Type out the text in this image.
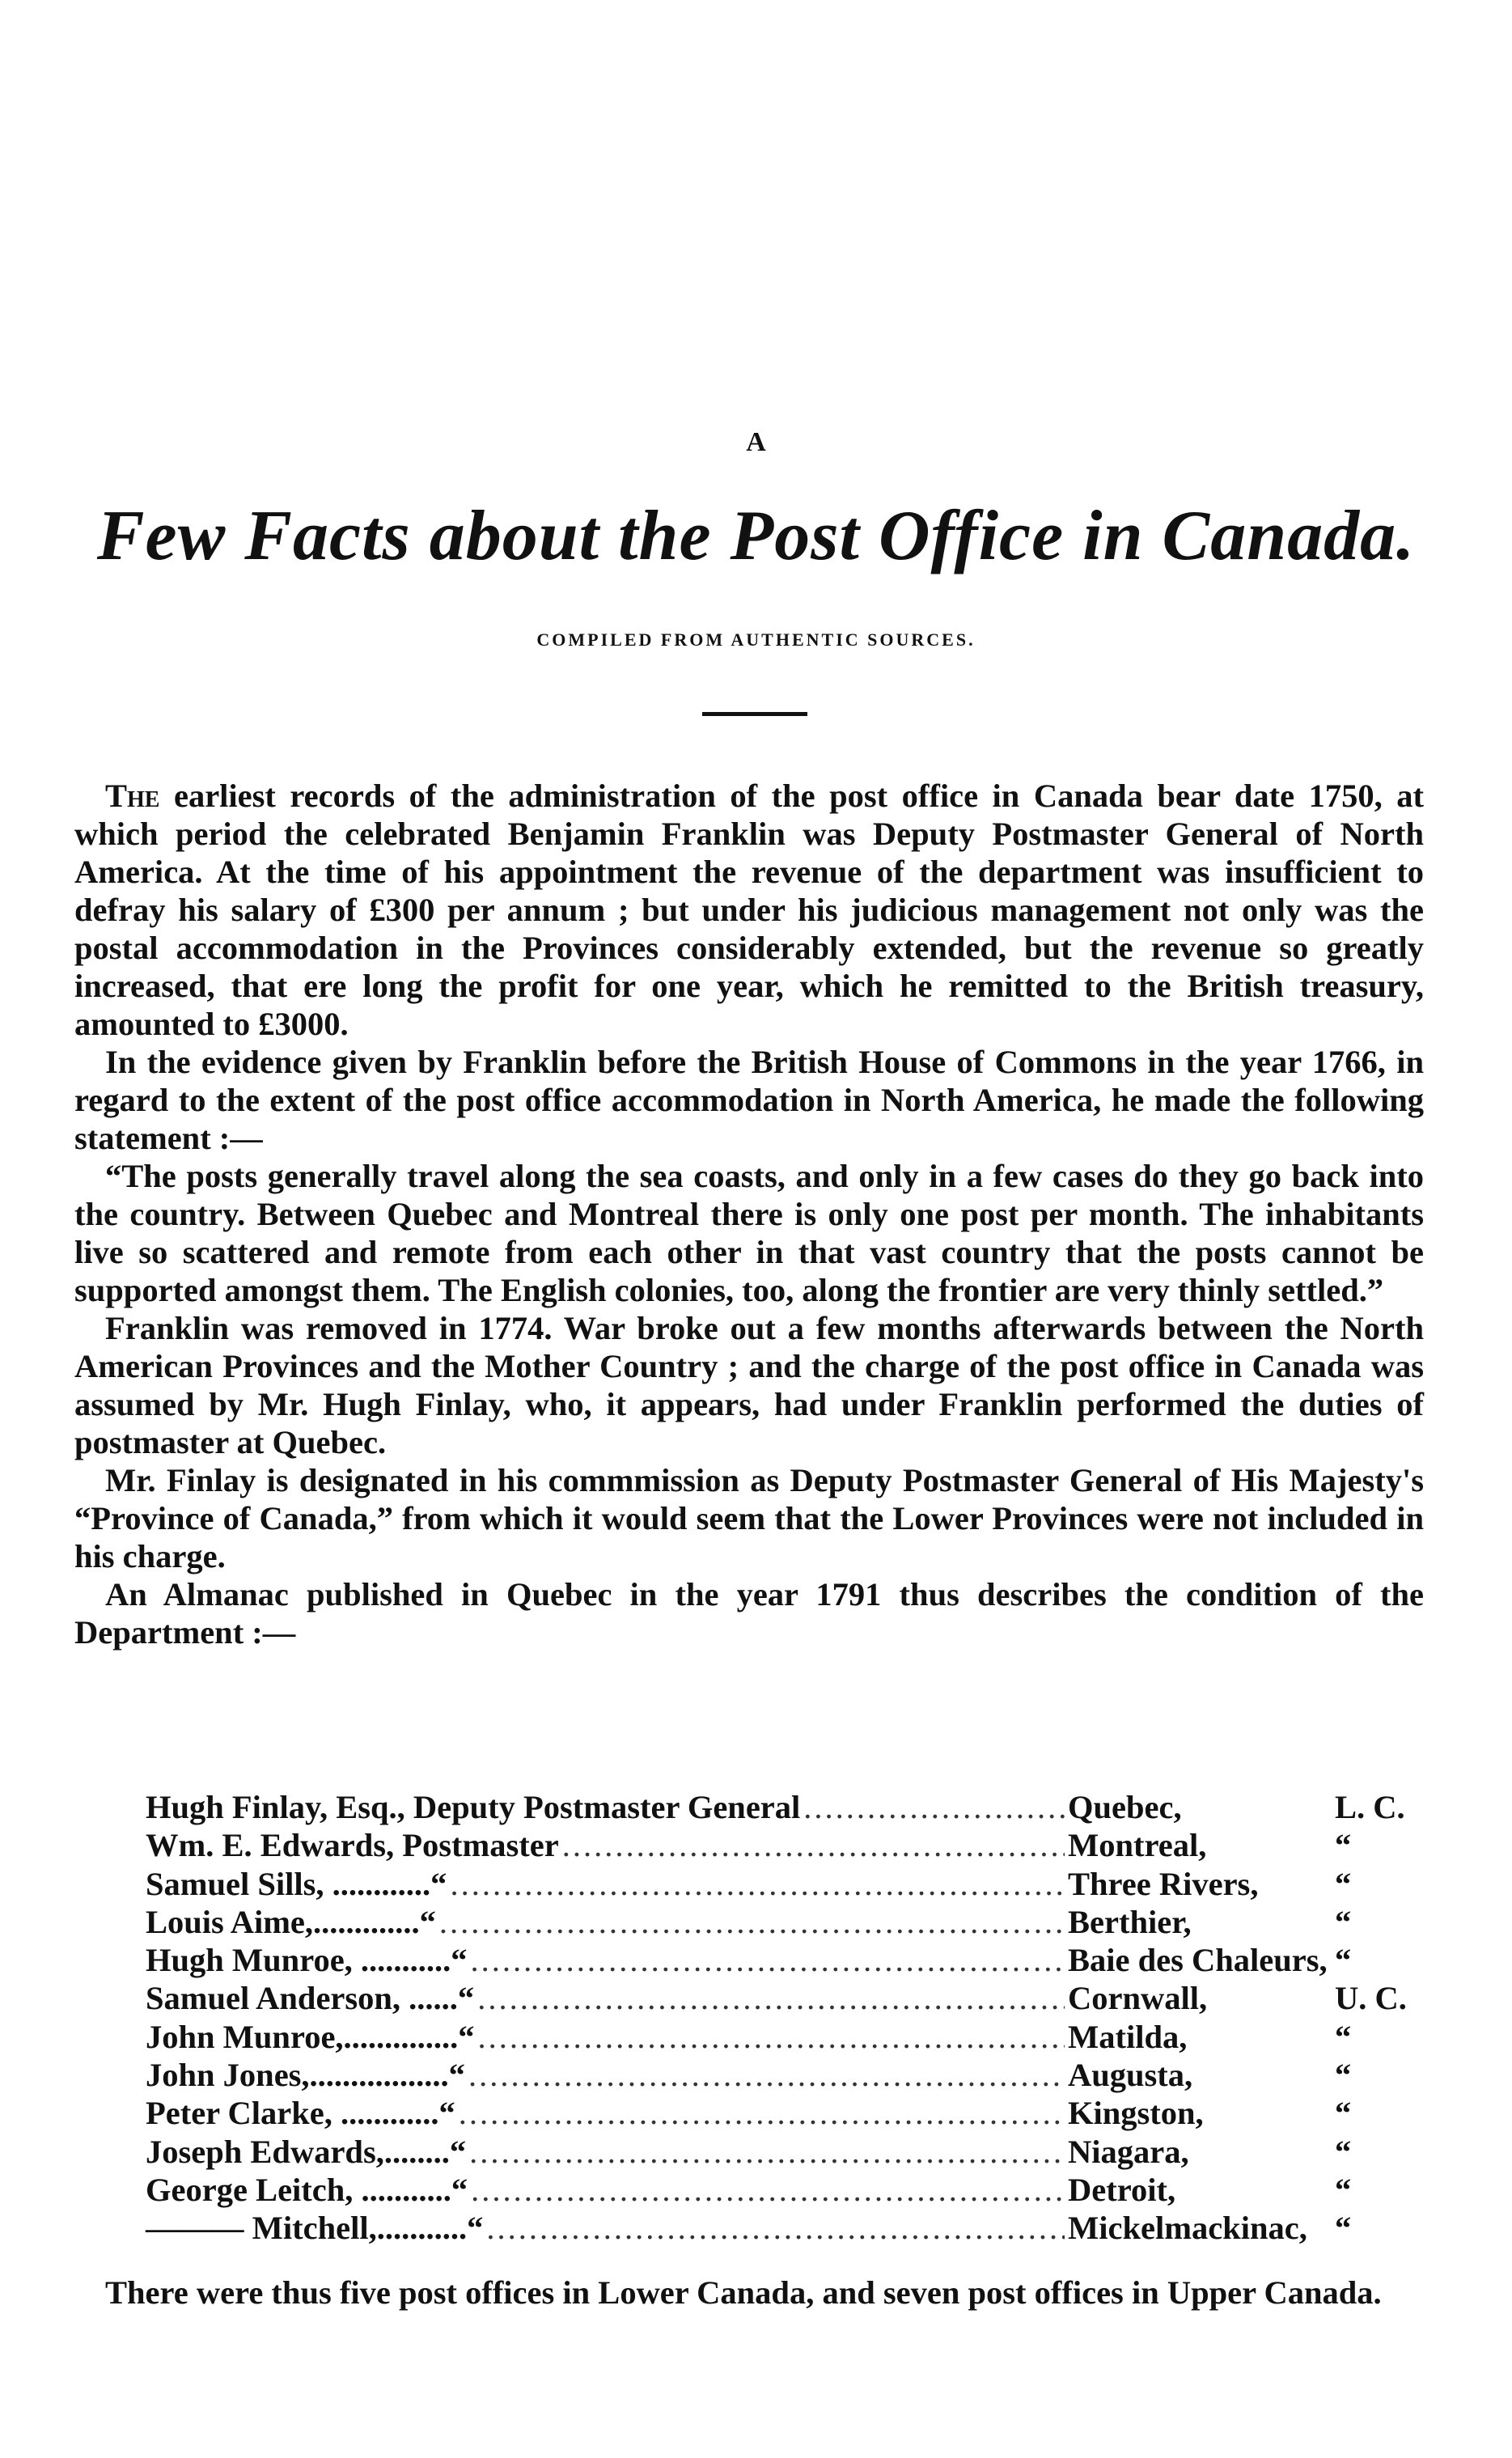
A
Few Facts about the Post Office in Canada.
COMPILED FROM AUTHENTIC SOURCES.

The earliest records of the administration of the post office in Canada bear date 1750, at which period the celebrated Benjamin Franklin was Deputy Postmaster General of North America. At the time of his appointment the revenue of the department was insufficient to defray his salary of £300 per annum ; but under his judicious management not only was the postal accommodation in the Provinces considerably extended, but the revenue so greatly increased, that ere long the profit for one year, which he remitted to the British treasury, amounted to £3000.

In the evidence given by Franklin before the British House of Commons in the year 1766, in regard to the extent of the post office accommodation in North America, he made the following statement :—

“The posts generally travel along the sea coasts, and only in a few cases do they go back into the country. Between Quebec and Montreal there is only one post per month. The inhabitants live so scattered and remote from each other in that vast country that the posts cannot be supported amongst them. The English colonies, too, along the frontier are very thinly settled.”

Franklin was removed in 1774. War broke out a few months afterwards between the North American Provinces and the Mother Country ; and the charge of the post office in Canada was assumed by Mr. Hugh Finlay, who, it appears, had under Franklin performed the duties of postmaster at Quebec.

Mr. Finlay is designated in his commmission as Deputy Postmaster General of His Majesty's “Province of Canada,” from which it would seem that the Lower Provinces were not included in his charge.

An Almanac published in Quebec in the year 1791 thus describes the condition of the Department :—

Hugh Finlay, Esq., Deputy Postmaster General .....	Quebec,	L. C.
Wm. E. Edwards, Postmaster .....	Montreal,	“
Samuel Sills, ............“ .....	Three Rivers,	“
Louis Aime,.............“ .....	Berthier,	“
Hugh Munroe, ...........“ .....	Baie des Chaleurs, “
Samuel Anderson, ......“ .....	Cornwall,	U. C.
John Munroe,..............“ .....	Matilda,	“
John Jones,.................“ .....	Augusta,	“
Peter Clarke, ............“ .....	Kingston,	“
Joseph Edwards,........“ .....	Niagara,	“
George Leitch, ...........“ .....	Detroit,	“
——— Mitchell,...........“ .....	Mickelmackinac, “
There were thus five post offices in Lower Canada, and seven post offices in Upper Canada.
